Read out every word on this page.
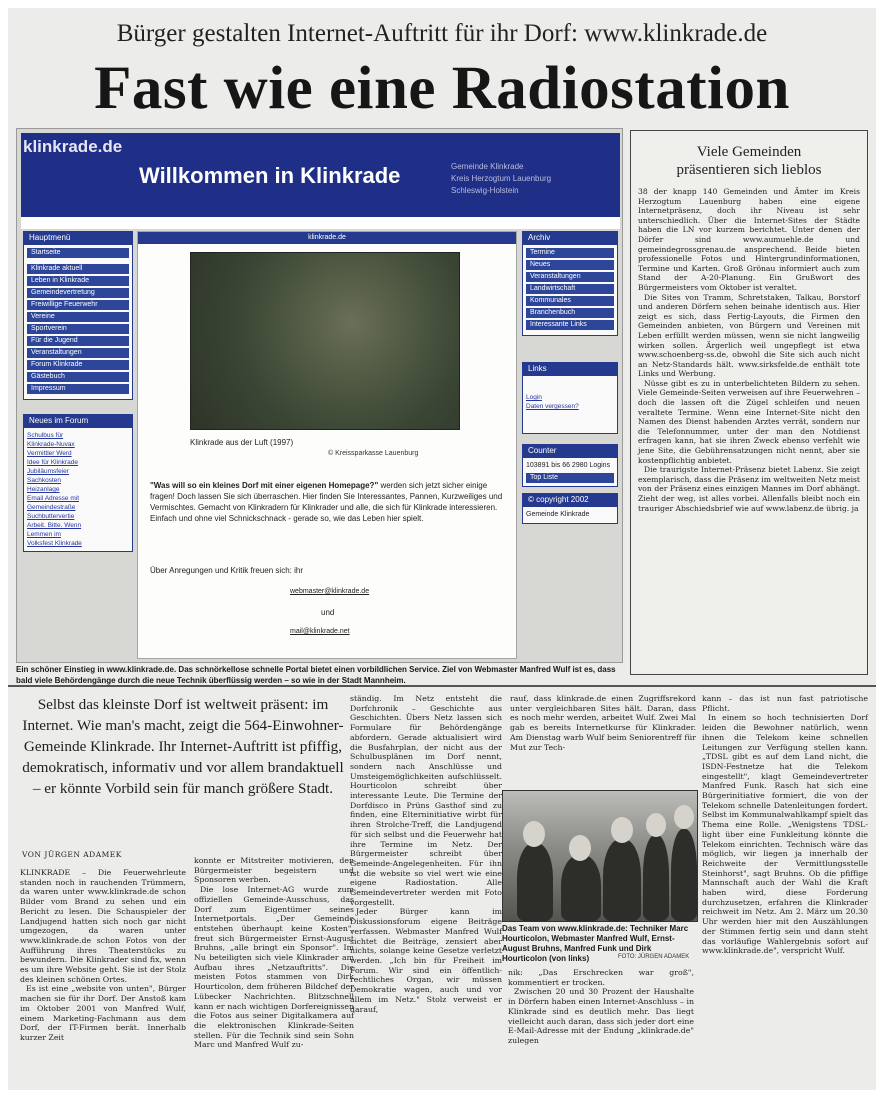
Bürger gestalten Internet-Auftritt für ihr Dorf: www.klinkrade.de
Fast wie eine Radiostation
klinkrade.de
Willkommen in Klinkrade	Gemeinde Klinkrade
Kreis Herzogtum Lauenburg
Schleswig-Holstein
Hauptmenü
Startseite
Klinkrade aktuell
Leben in Klinkrade
Gemeindevertretung
Freiwillige Feuerwehr
Vereine
Sportverein
Für die Jugend
Veranstaltungen
Forum Klinkrade
Gästebuch
Impressum
Neues im Forum
Schulbus für
Klinkrade-Nuvax
Vermittler Werd
Idee für Klinkrade
Jubiläumsfeier
Sachkosten
Heizanlage
Email Adresse mit
Gemeindestraße
Suchbuttervertie
Arbeit. Bitte. Wenn
Lemmen im
Volksfest Klinkrade
klinkrade.de
Klinkrade aus der Luft (1997)
© Kreissparkasse Lauenburg
"Was will so ein kleines Dorf mit einer eigenen Homepage?" werden sich jetzt sicher einige fragen! Doch lassen Sie sich überraschen. Hier finden Sie Interessantes, Pannen, Kurzweiliges und Vermischtes. Gemacht von Klinkradern für Klinkrader und alle, die sich für Klinkrade interessieren. Einfach und ohne viel Schnickschnack - gerade so, wie das Leben hier spielt.
Über Anregungen und Kritik freuen sich: ihr
webmaster@klinkrade.de
und
mail@klinkrade.net
Archiv
Termine
Neues
Veranstaltungen
Landwirtschaft
Kommunales
Branchenbuch
Interessante Links
Links
Login
Daten vergessen?
Counter
103891 bis 66 2980 Logins
Top Liste
© copyright 2002
Gemeinde Klinkrade
Ein schöner Einstieg in www.klinkrade.de. Das schnörkellose schnelle Portal bietet einen vorbildlichen Service. Ziel von Webmaster Manfred Wulf ist es, dass bald viele Behördengänge durch die neue Technik überflüssig werden – so wie in der Stadt Mannheim.
Viele Gemeinden
präsentieren sich lieblos

38 der knapp 140 Gemeinden und Ämter im Kreis Herzogtum Lauenburg haben eine eigene Internetpräsenz, doch ihr Niveau ist sehr unterschiedlich. Über die Internet-Sites der Städte haben die LN vor kurzem berichtet. Unter denen der Dörfer sind www.aumuehle.de und gemeindegrossgrenau.de ansprechend. Beide bieten professionelle Fotos und Hintergrundinformationen, Termine und Karten. Groß Grönau informiert auch zum Stand der A-20-Planung. Ein Grußwort des Bürgermeisters vom Oktober ist veraltet.

Die Sites von Tramm, Schretstaken, Talkau, Borstorf und anderen Dörfern sehen beinahe identisch aus. Hier zeigt es sich, dass Fertig-Layouts, die Firmen den Gemeinden anbieten, von Bürgern und Vereinen mit Leben erfüllt werden müssen, wenn sie nicht langweilig wirken sollen. Ärgerlich weil ungepflegt ist etwa www.schoenberg-ss.de, obwohl die Site sich auch nicht an Netz-Standards hält. www.sirksfelde.de enthält tote Links und Werbung.

Nüsse gibt es zu in unterbelichteten Bildern zu sehen. Viele Gemeinde-Seiten verweisen auf ihre Feuerwehren – doch die lassen oft die Zügel schleifen und neuen veraltete Termine. Wenn eine Internet-Site nicht den Namen des Dienst habenden Arztes verrät, sondern nur die Telefonnummer, unter der man den Notdienst erfragen kann, hat sie ihren Zweck ebenso verfehlt wie jene Site, die Gebührensatzungen nicht nennt, aber sie kostenpflichtig anbietet.

Die traurigste Internet-Präsenz bietet Labenz. Sie zeigt exemplarisch, dass die Präsenz im weltweiten Netz meist von der Präsenz eines einzigen Mannes im Dorf abhängt. Zieht der weg, ist alles vorbei. Allenfalls bleibt noch ein trauriger Abschiedsbrief wie auf www.labenz.de übrig. ja

Selbst das kleinste Dorf ist weltweit präsent: im Internet. Wie man's macht, zeigt die 564-Einwohner-Gemeinde Klinkrade. Ihr Internet-Auftritt ist pfiffig, demokratisch, informativ und vor allem brandaktuell – er könnte Vorbild sein für manch größere Stadt.
VON JÜRGEN ADAMEK

KLINKRADE – Die Feuerwehrleute standen noch in rauchenden Trümmern, da waren unter www.klinkrade.de schon Bilder vom Brand zu sehen und ein Bericht zu lesen. Die Schauspieler der Landjugend hatten sich noch gar nicht umgezogen, da waren unter www.klinkrade.de schon Fotos von der Aufführung ihres Theaterstücks zu bewundern. Die Klinkrader sind fix, wenn es um ihre Website geht. Sie ist der Stolz des kleinen schönen Ortes.

Es ist eine „website von unten", Bürger machen sie für ihr Dorf. Der Anstoß kam im Oktober 2001 von Manfred Wulf, einem Marketing-Fachmann aus dem Dorf, der IT-Firmen berät. Innerhalb kurzer Zeit

konnte er Mitstreiter motivieren, den Bürgermeister begeistern und Sponsoren werben.

Die lose Internet-AG wurde zum offiziellen Gemeinde-Ausschuss, das Dorf zum Eigentümer seines Internetportals. „Der Gemeinde entstehen überhaupt keine Kosten", freut sich Bürgermeister Ernst-August Bruhns, „alle bringt ein Sponsor". Im Nu beteiligten sich viele Klinkrader am Aufbau ihres „Netzauftritts". Die meisten Fotos stammen von Dirk Hourticolon, dem früheren Bildchef der Lübecker Nachrichten. Blitzschnell kann er nach wichtigen Dorfereignissen die Fotos aus seiner Digitalkamera auf die elektronischen Klinkrade-Seiten stellen. Für die Technik sind sein Sohn Marc und Manfred Wulf zu-

ständig. Im Netz entsteht die Dorfchronik – Geschichte aus Geschichten. Übers Netz lassen sich Formulare für Behördengänge abfordern. Gerade aktualisiert wird die Busfahrplan, der nicht aus der Schulbusplänen im Dorf nennt, sondern nach Anschlüsse und Umsteigemöglichkeiten aufschlüsselt. Hourticolon schreibt über interessante Leute. Die Termine der Dorfdisco in Prüns Gasthof sind zu finden, eine Elterninitiative wirbt für ihren Strolche-Treff, die Landjugend für sich selbst und die Feuerwehr hat ihre Termine im Netz. Der Bürgermeister schreibt über Gemeinde-Angelegenheiten. Für ihn ist die website so viel wert wie eine eigene Radiostation. Alle Gemeindevertreter werden mit Foto vorgestellt.

Jeder Bürger kann im Diskussionsforum eigene Beiträge verfassen. Webmaster Manfred Wulf sichtet die Beiträge, zensiert aber nichts, solange keine Gesetze verletzt werden. „Ich bin für Freiheit im Forum. Wir sind ein öffentlich-rechtliches Organ, wir müssen Demokratie wagen, auch und vor allem im Netz." Stolz verweist er darauf,

rauf, dass klinkrade.de einen Zugriffsrekord unter vergleichbaren Sites hält. Daran, dass es noch mehr werden, arbeitet Wulf. Zwei Mal gab es bereits Internetkurse für Klinkrader. Am Dienstag warb Wulf beim Seniorentreff für Mut zur Tech-

Das Team von www.klinkrade.de: Techniker Marc Hourticolon, Webmaster Manfred Wulf, Ernst-August Bruhns, Manfred Funk und Dirk Hourticolon (von links)	FOTO: JÜRGEN ADAMEK

nik: „Das Erschrecken war groß", kommentiert er trocken.

Zwischen 20 und 30 Prozent der Haushalte in Dörfern haben einen Internet-Anschluss – in Klinkrade sind es deutlich mehr. Das liegt vielleicht auch daran, dass sich jeder dort eine E-Mail-Adresse mit der Endung „klinkrade.de" zulegen

kann – das ist nun fast patriotische Pflicht.

In einem so hoch technisierten Dorf leiden die Bewohner natürlich, wenn ihnen die Telekom keine schnellen Leitungen zur Verfügung stellen kann. „TDSL gibt es auf dem Land nicht, die ISDN-Festnetze hat die Telekom eingestellt", klagt Gemeindevertreter Manfred Funk. Rasch hat sich eine Bürgerinitiative formiert, die von der Telekom schnelle Datenleitungen fordert. Selbst im Kommunalwahlkampf spielt das Thema eine Rolle. „Wenigstens TDSL-light über eine Funkleitung könnte die Telekom einrichten. Technisch wäre das möglich, wir liegen ja innerhalb der Reichweite der Vermittlungsstelle Steinhorst", sagt Bruhns. Ob die pfiffige Mannschaft auch der Wahl die Kraft haben wird, diese Forderung durchzusetzen, erfahren die Klinkrader reichweit im Netz. Am 2. März um 20.30 Uhr werden hier mit den Auszählungen der Stimmen fertig sein und dann steht das vorläufige Wahlergebnis sofort auf www.klinkrade.de", verspricht Wulf.
